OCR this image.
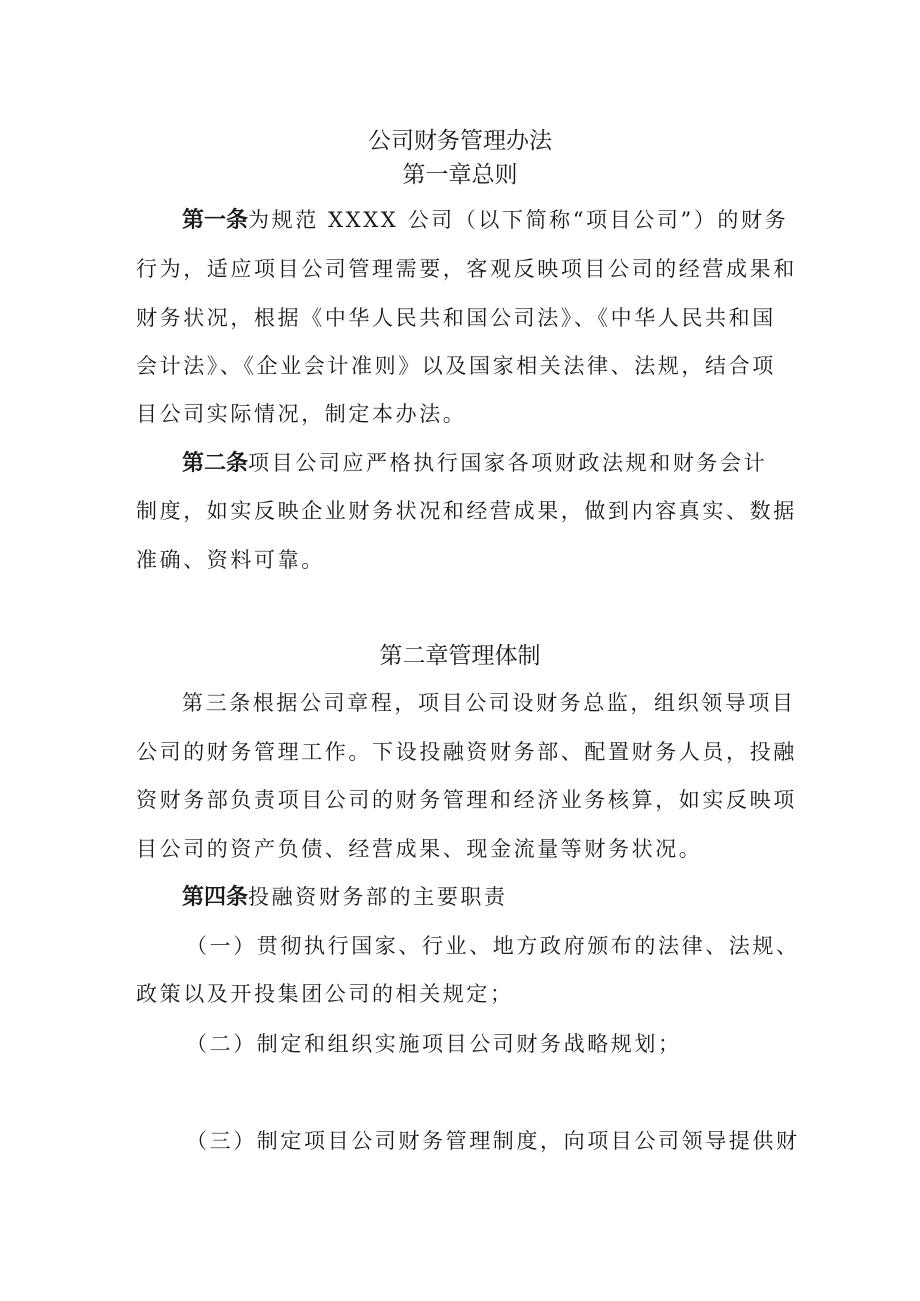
公司财务管理办法
第一章总则

第一条为规范 XXXX 公司（以下简称“项目公司”）的财务

行为，适应项目公司管理需要，客观反映项目公司的经营成果和

财务状况，根据《中华人民共和国公司法》、《中华人民共和国

会计法》、《企业会计准则》以及国家相关法律、法规，结合项

目公司实际情况，制定本办法。

第二条项目公司应严格执行国家各项财政法规和财务会计

制度，如实反映企业财务状况和经营成果，做到内容真实、数据

准确、资料可靠。

第二章管理体制

第三条根据公司章程，项目公司设财务总监，组织领导项目

公司的财务管理工作。下设投融资财务部、配置财务人员，投融

资财务部负责项目公司的财务管理和经济业务核算，如实反映项

目公司的资产负债、经营成果、现金流量等财务状况。

第四条投融资财务部的主要职责

（一）贯彻执行国家、行业、地方政府颁布的法律、法规、

政策以及开投集团公司的相关规定；

（二）制定和组织实施项目公司财务战略规划；

（三）制定项目公司财务管理制度，向项目公司领导提供财
